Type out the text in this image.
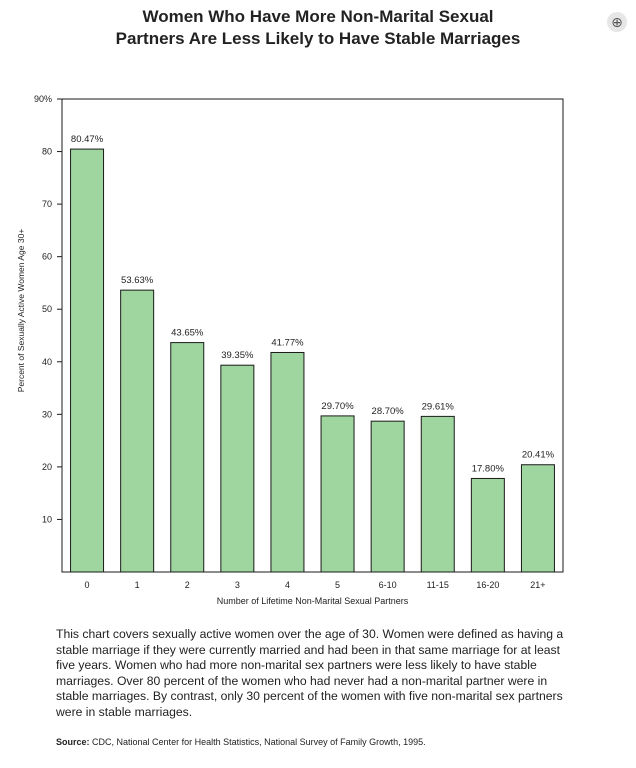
Women Who Have More Non-Marital Sexual
Partners Are Less Likely to Have Stable Marriages
⊕
10
20
30
40
50
60
70
80
90%
80.47%
0
53.63%
1
43.65%
2
39.35%
3
41.77%
4
29.70%
5
28.70%
6-10
29.61%
11-15
17.80%
16-20
20.41%
21+
Number of Lifetime Non-Marital Sexual Partners
Percent of Sexually Active Women Age 30+
This chart covers sexually active women over the age of 30. Women were defined as having a stable marriage if they were currently married and had been in that same marriage for at least five years. Women who had more non-marital sex partners were less likely to have stable marriages. Over 80 percent of the women who had never had a non-marital partner were in stable marriages. By contrast, only 30 percent of the women with five non-marital sex partners were in stable marriages.
Source: CDC, National Center for Health Statistics, National Survey of Family Growth, 1995.
